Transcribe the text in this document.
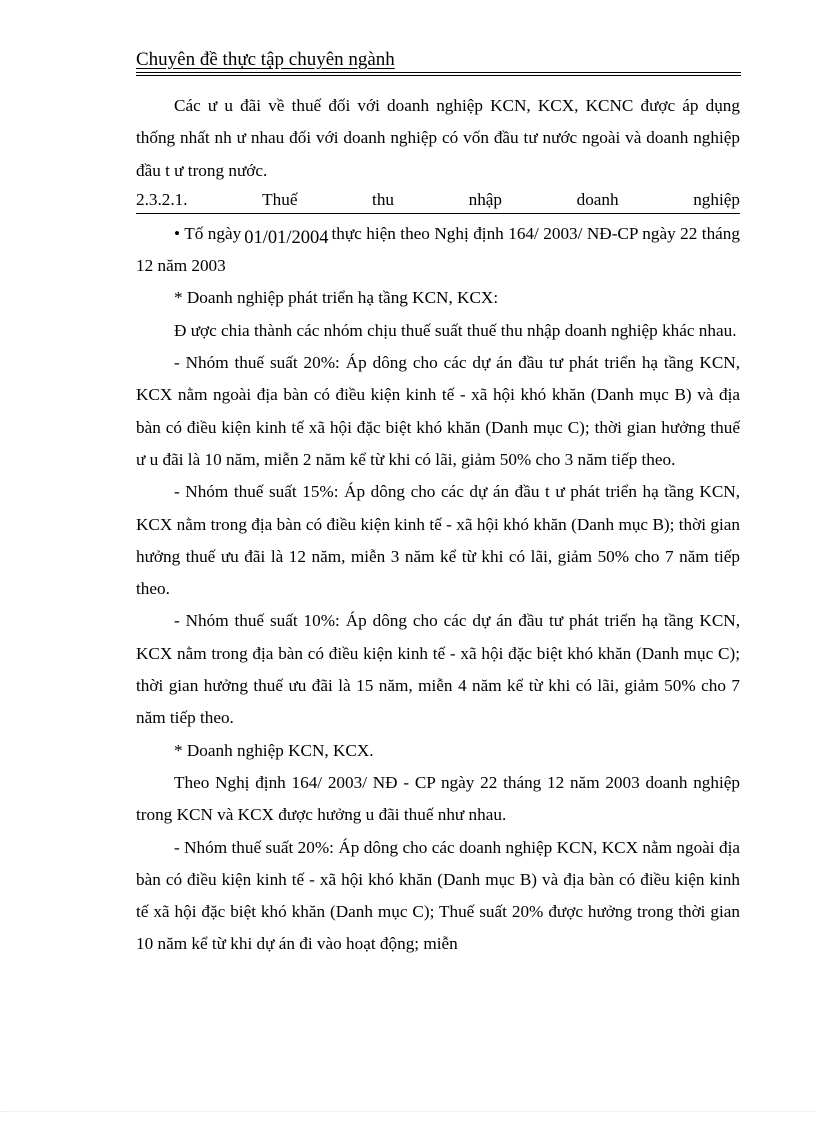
Chuyên đề thực tập chuyên ngành

Các ư u đãi về thuế đối với doanh nghiệp KCN, KCX, KCNC được áp dụng thống nhất nh ư nhau đối với doanh nghiệp có vốn đầu tư nước ngoài và doanh nghiệp đầu t ư trong nước.

2.3.2.1.	Thuế	thu	nhập	doanh	nghiệp

• Tố ngày 01/01/2004 thực hiện theo Nghị định 164/ 2003/ NĐ-CP ngày 22 tháng 12 năm 2003

* Doanh nghiệp phát triển hạ tầng KCN, KCX:

Đ ược chia thành các nhóm chịu thuế suất thuế thu nhập doanh nghiệp khác nhau.

- Nhóm thuế suất 20%: Áp dông cho các dự án đầu tư phát triển hạ tầng KCN, KCX nằm ngoài địa bàn có điều kiện kinh tế - xã hội khó khăn (Danh mục B) và địa bàn có điều kiện kinh tế xã hội đặc biệt khó khăn (Danh mục C); thời gian hưởng thuế ư u đãi là 10 năm, miễn 2 năm kể từ khi có lãi, giảm 50% cho 3 năm tiếp theo.

- Nhóm thuế suất 15%: Áp dông cho các dự án đầu t ư phát triển hạ tầng KCN, KCX nằm trong địa bàn có điều kiện kinh tế - xã hội khó khăn (Danh mục B); thời gian hưởng thuế ưu đãi là 12 năm, miễn 3 năm kể từ khi có lãi, giảm 50% cho 7 năm tiếp theo.

- Nhóm thuế suất 10%: Áp dông cho các dự án đầu tư phát triển hạ tầng KCN, KCX nằm trong địa bàn có điều kiện kinh tế - xã hội đặc biệt khó khăn (Danh mục C); thời gian hưởng thuế ưu đãi là 15 năm, miễn 4 năm kể từ khi có lãi, giảm 50% cho 7 năm tiếp theo.

* Doanh nghiệp KCN, KCX.

Theo Nghị định 164/ 2003/ NĐ - CP ngày 22 tháng 12 năm 2003 doanh nghiệp trong KCN và KCX được hưởng u đãi thuế như nhau.

- Nhóm thuế suất 20%: Áp dông cho các doanh nghiệp KCN, KCX nằm ngoài địa bàn có điều kiện kinh tế - xã hội khó khăn (Danh mục B) và địa bàn có điều kiện kinh tế xã hội đặc biệt khó khăn (Danh mục C); Thuế suất 20% được hưởng trong thời gian 10 năm kể từ khi dự án đi vào hoạt động; miễn
